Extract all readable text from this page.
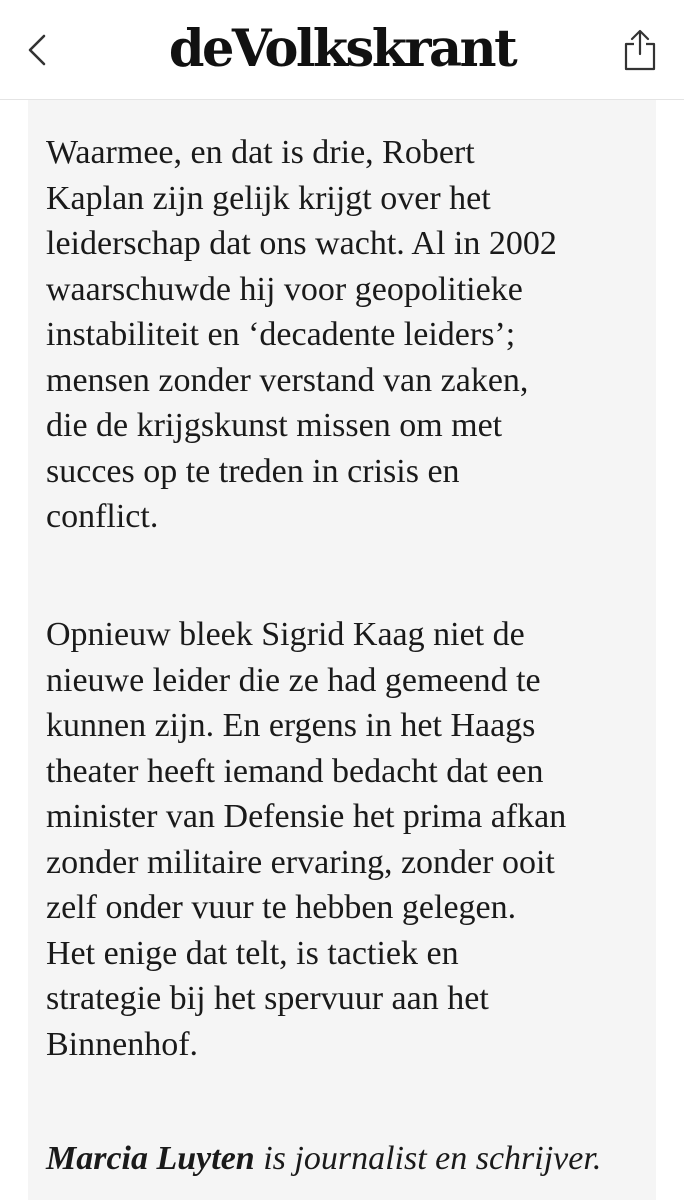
deVolkskrant

Waarmee, en dat is drie, Robert
Kaplan zijn gelijk krijgt over het
leiderschap dat ons wacht. Al in 2002
waarschuwde hij voor geopolitieke
instabiliteit en ‘decadente leiders’;
mensen zonder verstand van zaken,
die de krijgskunst missen om met
succes op te treden in crisis en
conflict.

Opnieuw bleek Sigrid Kaag niet de
nieuwe leider die ze had gemeend te
kunnen zijn. En ergens in het Haags
theater heeft iemand bedacht dat een
minister van Defensie het prima afkan
zonder militaire ervaring, zonder ooit
zelf onder vuur te hebben gelegen.
Het enige dat telt, is tactiek en
strategie bij het spervuur aan het
Binnenhof.

Marcia Luyten is journalist en schrijver.
